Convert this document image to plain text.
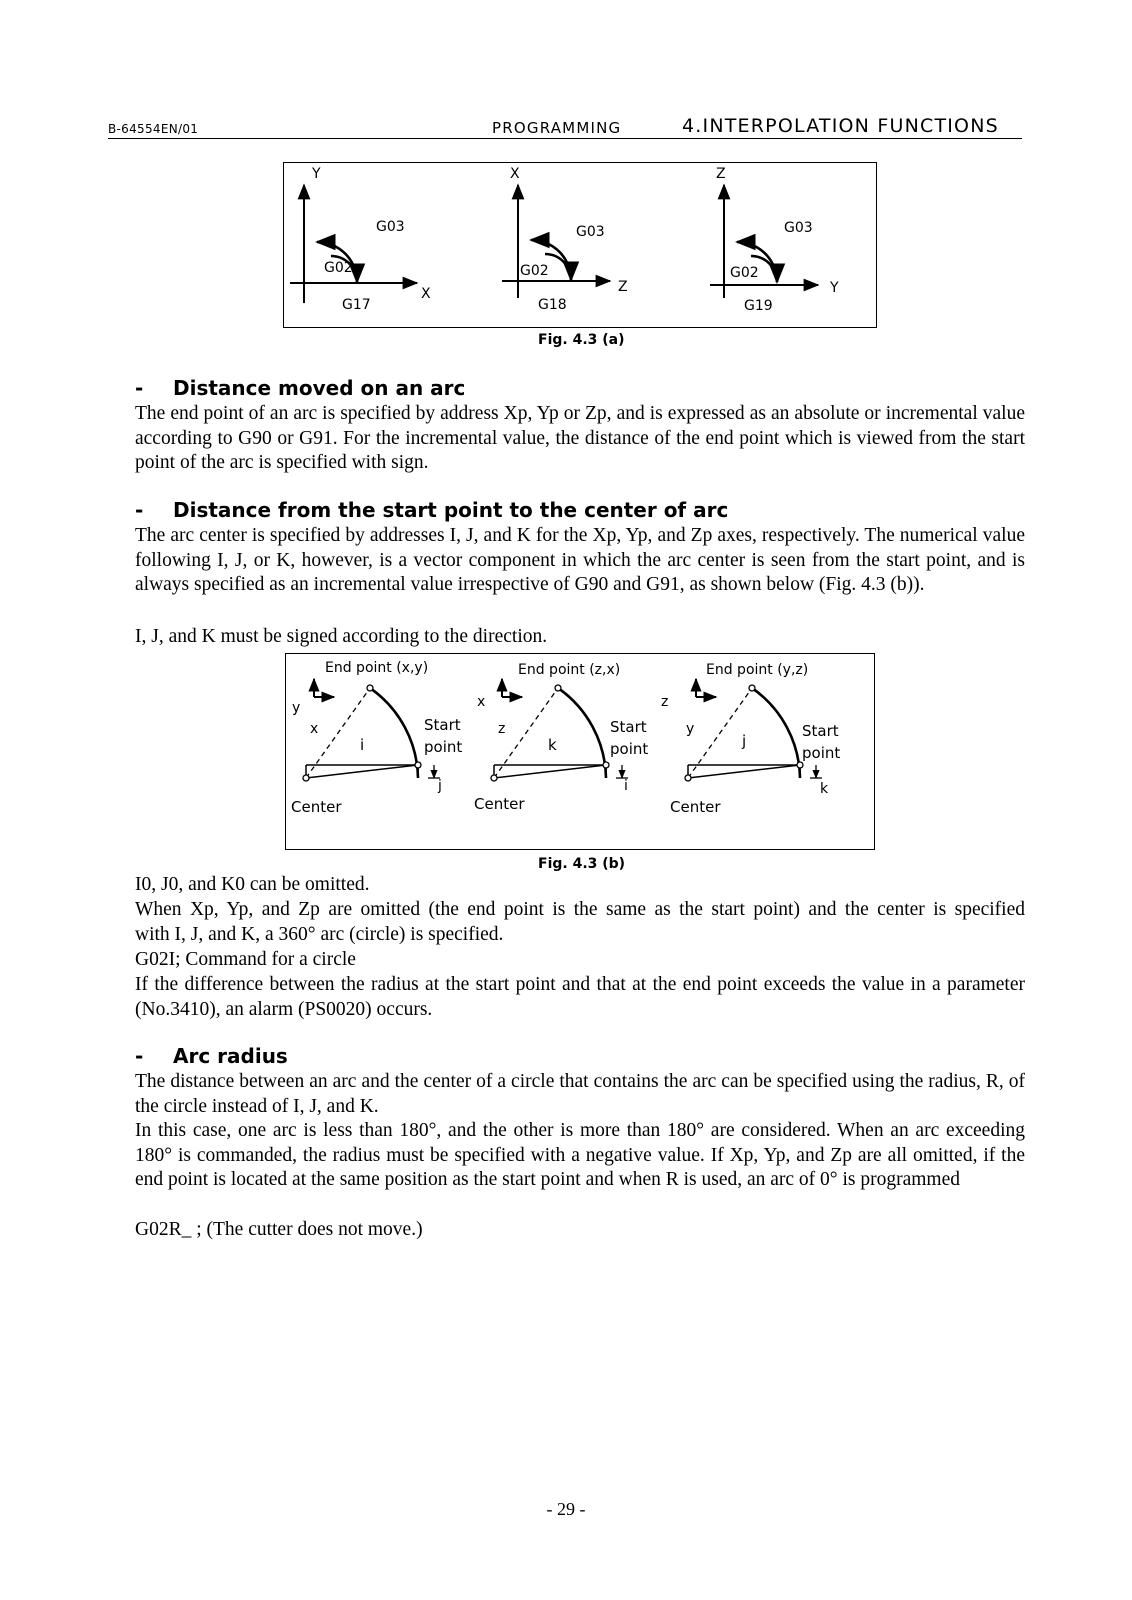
B-64554EN/01	PROGRAMMING	4.INTERPOLATION FUNCTIONS
Y
X
G03
G02
G17
X
Z
G03
G02
G18
Z
Y
G03
G02
G19
Fig. 4.3 (a)
- Distance moved on an arc
The end point of an arc is specified by address Xp, Yp or Zp, and is expressed as an absolute or incremental value according to G90 or G91. For the incremental value, the distance of the end point which is viewed from the start point of the arc is specified with sign.
- Distance from the start point to the center of arc
The arc center is specified by addresses I, J, and K for the Xp, Yp, and Zp axes, respectively. The numerical value following I, J, or K, however, is a vector component in which the arc center is seen from the start point, and is always specified as an incremental value irrespective of G90 and G91, as shown below (Fig. 4.3 (b)).
I, J, and K must be signed according to the direction.
End point (x,y)
y
x
i
j
Start
point
Center
End point (z,x)
x
z
k
i
Start
point
Center
End point (y,z)
z
y
j
k
Start
point
Center
Fig. 4.3 (b)
I0, J0, and K0 can be omitted.
When Xp, Yp, and Zp are omitted (the end point is the same as the start point) and the center is specified
with I, J, and K, a 360° arc (circle) is specified.
G02I; Command for a circle
If the difference between the radius at the start point and that at the end point exceeds the value in a parameter (No.3410), an alarm (PS0020) occurs.
- Arc radius
The distance between an arc and the center of a circle that contains the arc can be specified using the radius, R, of the circle instead of I, J, and K.
In this case, one arc is less than 180°, and the other is more than 180° are considered. When an arc exceeding 180° is commanded, the radius must be specified with a negative value. If Xp, Yp, and Zp are all omitted, if the end point is located at the same position as the start point and when R is used, an arc of 0° is programmed
G02R_ ; (The cutter does not move.)
- 29 -
